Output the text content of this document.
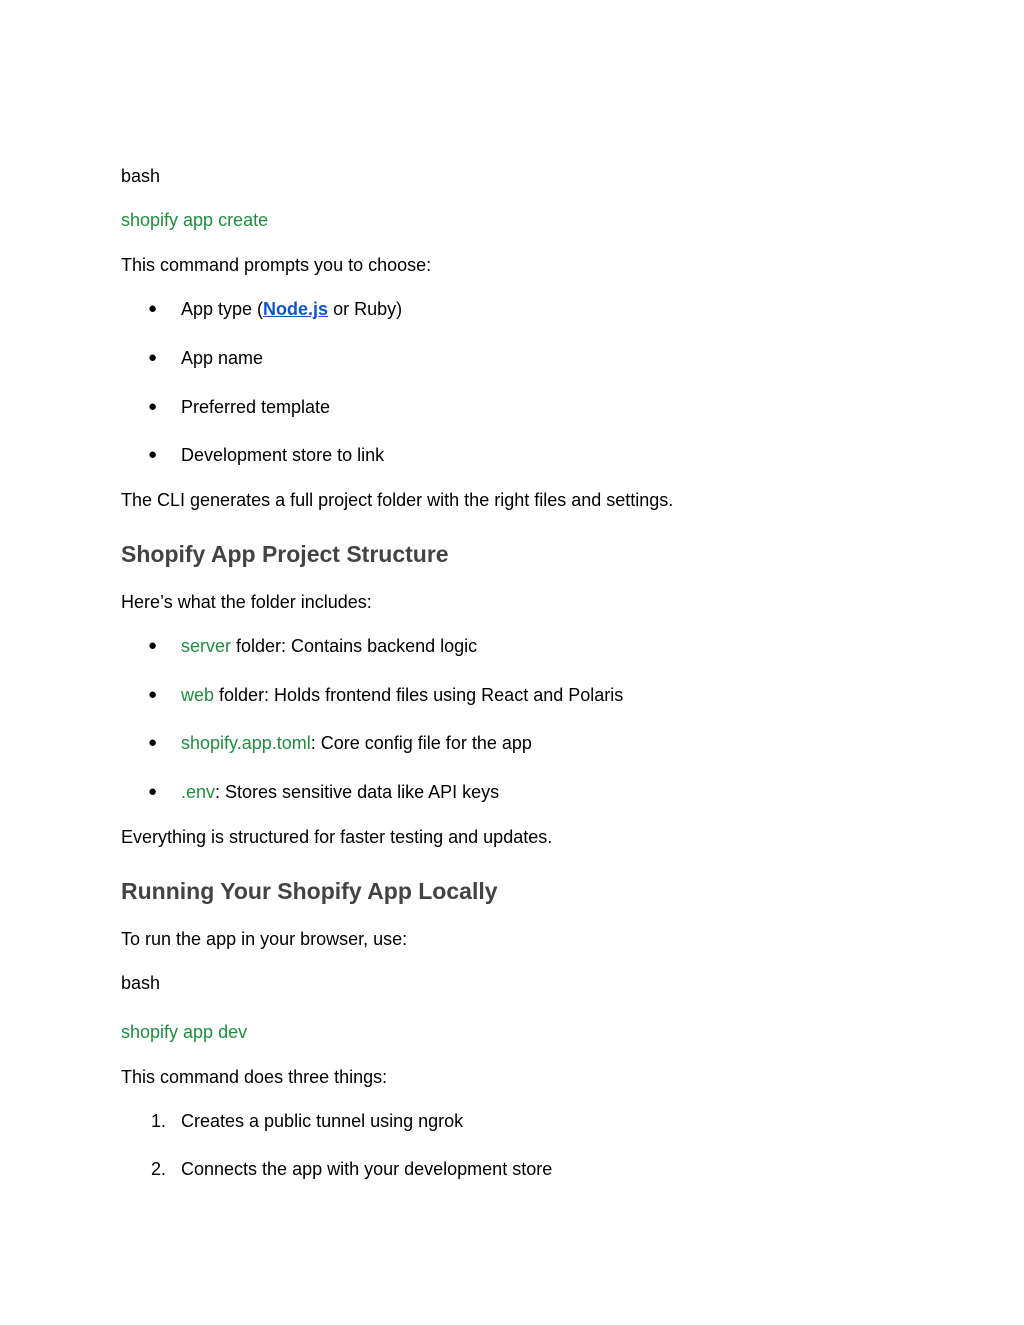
bash
shopify app create
This command prompts you to choose:
●	App type (Node.js or Ruby)
●	App name
●	Preferred template
●	Development store to link
The CLI generates a full project folder with the right files and settings.
Shopify App Project Structure
Here’s what the folder includes:
●	server folder: Contains backend logic
●	web folder: Holds frontend files using React and Polaris
●	shopify.app.toml: Core config file for the app
●	.env: Stores sensitive data like API keys
Everything is structured for faster testing and updates.
Running Your Shopify App Locally
To run the app in your browser, use:
bash
shopify app dev
This command does three things:
1. Creates a public tunnel using ngrok
2. Connects the app with your development store
